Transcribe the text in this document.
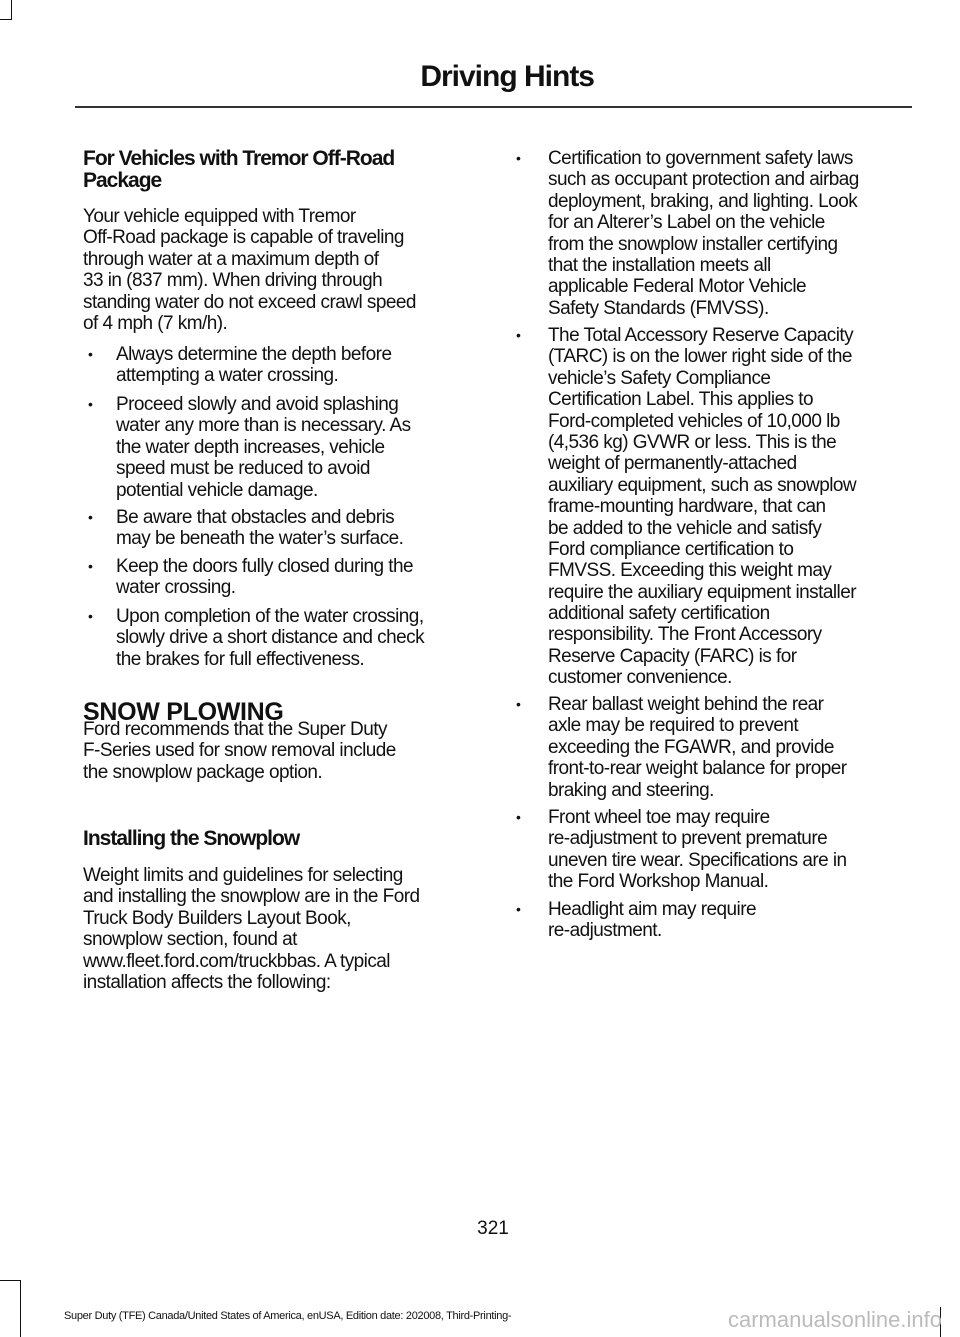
Driving Hints
For Vehicles with Tremor Off-Road
Package
Your vehicle equipped with Tremor
Off-Road package is capable of traveling
through water at a maximum depth of
33 in (837 mm). When driving through
standing water do not exceed crawl speed
of 4 mph (7 km/h).
Always determine the depth before
attempting a water crossing.
Proceed slowly and avoid splashing
water any more than is necessary. As
the water depth increases, vehicle
speed must be reduced to avoid
potential vehicle damage.
Be aware that obstacles and debris
may be beneath the water’s surface.
Keep the doors fully closed during the
water crossing.
Upon completion of the water crossing,
slowly drive a short distance and check
the brakes for full effectiveness.
SNOW PLOWING
Ford recommends that the Super Duty
F-Series used for snow removal include
the snowplow package option.
Installing the Snowplow
Weight limits and guidelines for selecting
and installing the snowplow are in the Ford
Truck Body Builders Layout Book,
snowplow section, found at
www.fleet.ford.com/truckbbas. A typical
installation affects the following:
Certification to government safety laws
such as occupant protection and airbag
deployment, braking, and lighting. Look
for an Alterer’s Label on the vehicle
from the snowplow installer certifying
that the installation meets all
applicable Federal Motor Vehicle
Safety Standards (FMVSS).
The Total Accessory Reserve Capacity
(TARC) is on the lower right side of the
vehicle’s Safety Compliance
Certification Label. This applies to
Ford-completed vehicles of 10,000 lb
(4,536 kg) GVWR or less. This is the
weight of permanently-attached
auxiliary equipment, such as snowplow
frame-mounting hardware, that can
be added to the vehicle and satisfy
Ford compliance certification to
FMVSS. Exceeding this weight may
require the auxiliary equipment installer
additional safety certification
responsibility. The Front Accessory
Reserve Capacity (FARC) is for
customer convenience.
Rear ballast weight behind the rear
axle may be required to prevent
exceeding the FGAWR, and provide
front-to-rear weight balance for proper
braking and steering.
Front wheel toe may require
re-adjustment to prevent premature
uneven tire wear. Specifications are in
the Ford Workshop Manual.
Headlight aim may require
re-adjustment.
•
•
•
•
•
•
•
•
•
•
321
Super Duty (TFE) Canada/United States of America, enUSA, Edition date: 202008, Third-Printing-	carmanualsonline.info
